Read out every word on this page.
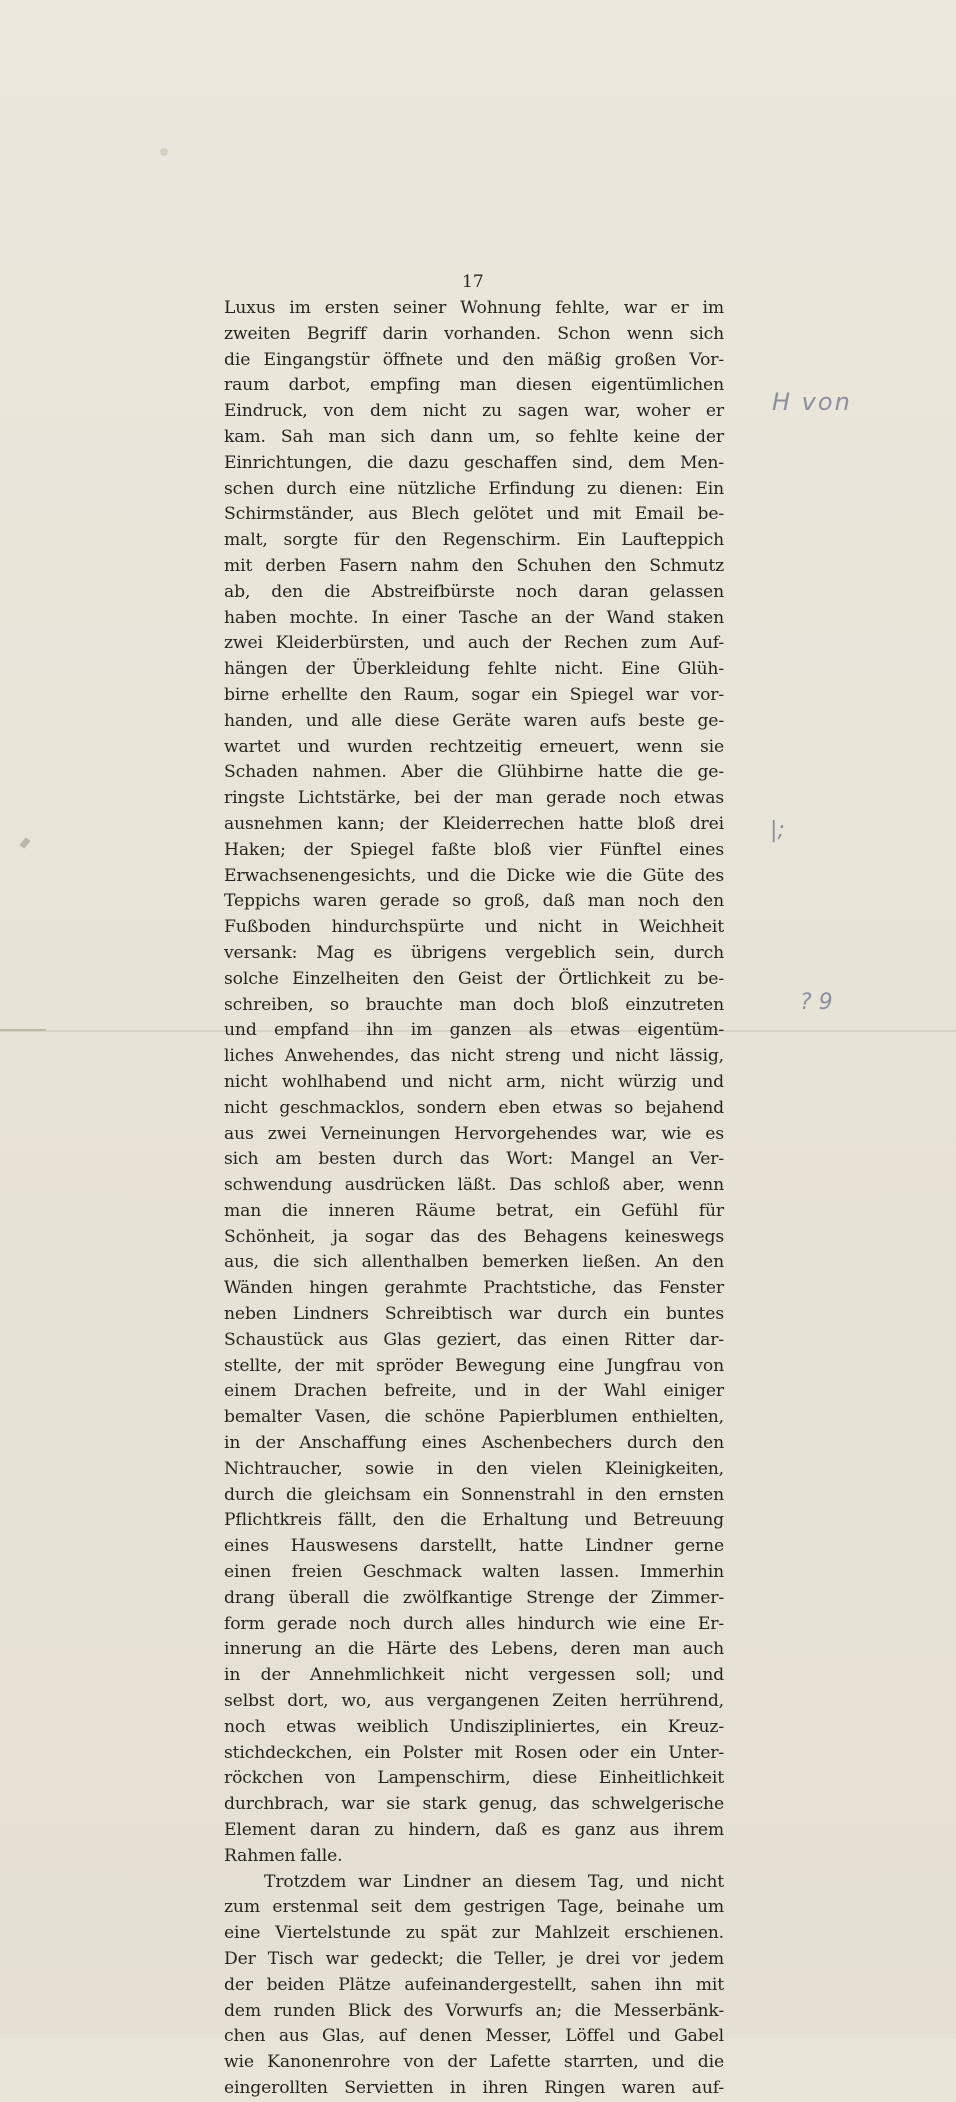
17
Luxus im ersten seiner Wohnung fehlte, war er im
zweiten Begriff darin vorhanden. Schon wenn sich
die Eingangstür öffnete und den mäßig großen Vor-
raum darbot, empfing man diesen eigentümlichen
Eindruck, von dem nicht zu sagen war, woher er
kam. Sah man sich dann um, so fehlte keine der
Einrichtungen, die dazu geschaffen sind, dem Men-
schen durch eine nützliche Erfindung zu dienen: Ein
Schirmständer, aus Blech gelötet und mit Email be-
malt, sorgte für den Regenschirm. Ein Laufteppich
mit derben Fasern nahm den Schuhen den Schmutz
ab, den die Abstreifbürste noch daran gelassen
haben mochte. In einer Tasche an der Wand staken
zwei Kleiderbürsten, und auch der Rechen zum Auf-
hängen der Überkleidung fehlte nicht. Eine Glüh-
birne erhellte den Raum, sogar ein Spiegel war vor-
handen, und alle diese Geräte waren aufs beste ge-
wartet und wurden rechtzeitig erneuert, wenn sie
Schaden nahmen. Aber die Glühbirne hatte die ge-
ringste Lichtstärke, bei der man gerade noch etwas
ausnehmen kann; der Kleiderrechen hatte bloß drei
Haken; der Spiegel faßte bloß vier Fünftel eines
Erwachsenengesichts, und die Dicke wie die Güte des
Teppichs waren gerade so groß, daß man noch den
Fußboden hindurchspürte und nicht in Weichheit
versank: Mag es übrigens vergeblich sein, durch
solche Einzelheiten den Geist der Örtlichkeit zu be-
schreiben, so brauchte man doch bloß einzutreten
und empfand ihn im ganzen als etwas eigentüm-
liches Anwehendes, das nicht streng und nicht lässig,
nicht wohlhabend und nicht arm, nicht würzig und
nicht geschmacklos, sondern eben etwas so bejahend
aus zwei Verneinungen Hervorgehendes war, wie es
sich am besten durch das Wort: Mangel an Ver-
schwendung ausdrücken läßt. Das schloß aber, wenn
man die inneren Räume betrat, ein Gefühl für
Schönheit, ja sogar das des Behagens keineswegs
aus, die sich allenthalben bemerken ließen. An den
Wänden hingen gerahmte Prachtstiche, das Fenster
neben Lindners Schreibtisch war durch ein buntes
Schaustück aus Glas geziert, das einen Ritter dar-
stellte, der mit spröder Bewegung eine Jungfrau von
einem Drachen befreite, und in der Wahl einiger
bemalter Vasen, die schöne Papierblumen enthielten,
in der Anschaffung eines Aschenbechers durch den
Nichtraucher, sowie in den vielen Kleinigkeiten,
durch die gleichsam ein Sonnenstrahl in den ernsten
Pflichtkreis fällt, den die Erhaltung und Betreuung
eines Hauswesens darstellt, hatte Lindner gerne
einen freien Geschmack walten lassen. Immerhin
drang überall die zwölfkantige Strenge der Zimmer-
form gerade noch durch alles hindurch wie eine Er-
innerung an die Härte des Lebens, deren man auch
in der Annehmlichkeit nicht vergessen soll; und
selbst dort, wo, aus vergangenen Zeiten herrührend,
noch etwas weiblich Undiszipliniertes, ein Kreuz-
stichdeckchen, ein Polster mit Rosen oder ein Unter-
röckchen von Lampenschirm, diese Einheitlichkeit
durchbrach, war sie stark genug, das schwelgerische
Element daran zu hindern, daß es ganz aus ihrem
Rahmen falle.
Trotzdem war Lindner an diesem Tag, und nicht
zum erstenmal seit dem gestrigen Tage, beinahe um
eine Viertelstunde zu spät zur Mahlzeit erschienen.
Der Tisch war gedeckt; die Teller, je drei vor jedem
der beiden Plätze aufeinandergestellt, sahen ihn mit
dem runden Blick des Vorwurfs an; die Messerbänk-
chen aus Glas, auf denen Messer, Löffel und Gabel
wie Kanonenrohre von der Lafette starrten, und die
eingerollten Servietten in ihren Ringen waren auf-
H von
|;
? 9
